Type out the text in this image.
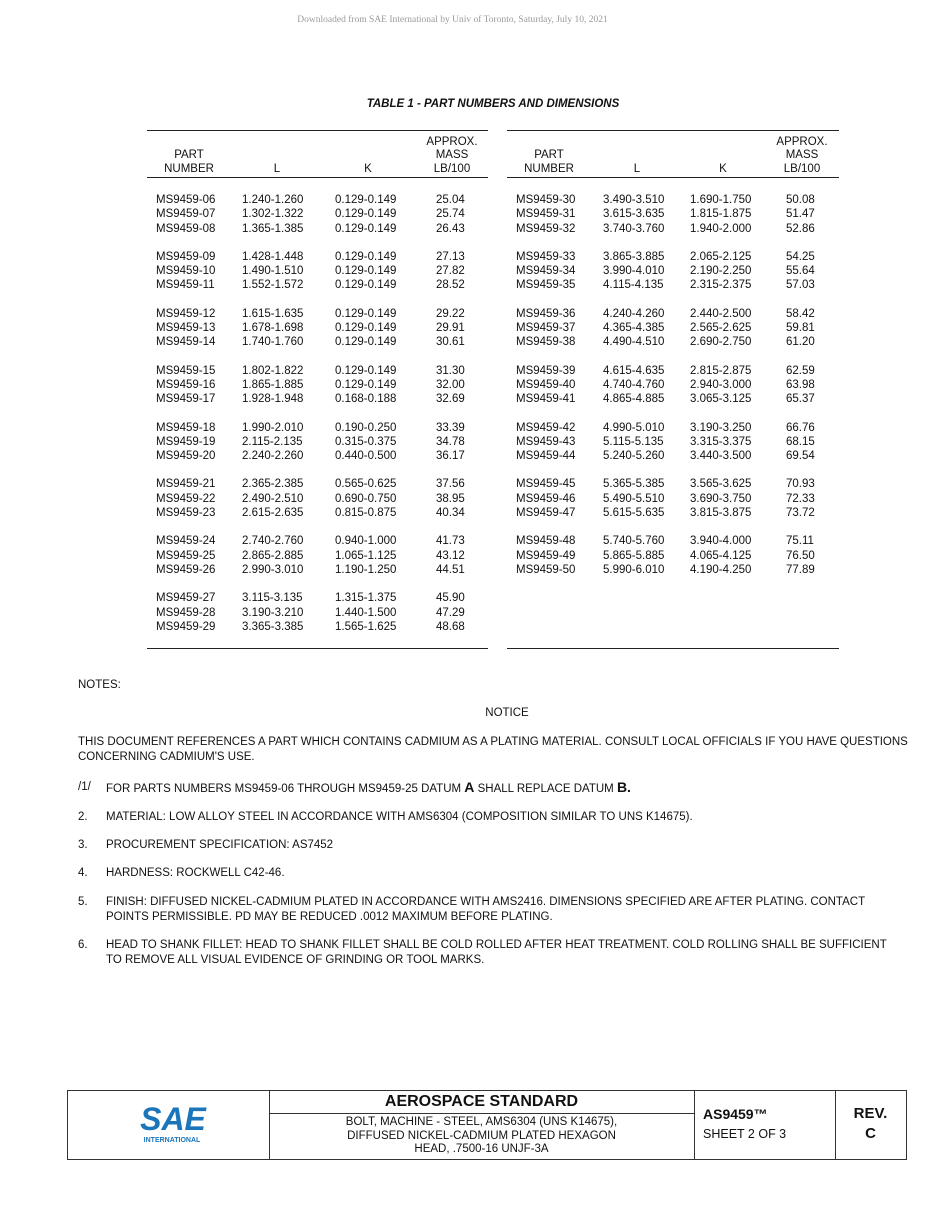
Downloaded from SAE International by Univ of Toronto, Saturday, July 10, 2021
TABLE 1 - PART NUMBERS AND DIMENSIONS
PART
NUMBER	L	K
APPROX.
MASS
LB/100
MS9459-06 1.240-1.260	0.129-0.149	25.04
MS9459-07 1.302-1.322	0.129-0.149	25.74
MS9459-08 1.365-1.385	0.129-0.149	26.43
MS9459-09 1.428-1.448	0.129-0.149	27.13
MS9459-10 1.490-1.510	0.129-0.149	27.82
MS9459-11 1.552-1.572	0.129-0.149	28.52
MS9459-12 1.615-1.635	0.129-0.149	29.22
MS9459-13 1.678-1.698	0.129-0.149	29.91
MS9459-14 1.740-1.760	0.129-0.149	30.61
MS9459-15 1.802-1.822	0.129-0.149	31.30
MS9459-16 1.865-1.885	0.129-0.149	32.00
MS9459-17 1.928-1.948	0.168-0.188	32.69
MS9459-18 1.990-2.010	0.190-0.250	33.39
MS9459-19 2.115-2.135	0.315-0.375	34.78
MS9459-20 2.240-2.260	0.440-0.500	36.17
MS9459-21 2.365-2.385	0.565-0.625	37.56
MS9459-22 2.490-2.510	0.690-0.750	38.95
MS9459-23 2.615-2.635	0.815-0.875	40.34
MS9459-24 2.740-2.760	0.940-1.000	41.73
MS9459-25 2.865-2.885	1.065-1.125	43.12
MS9459-26 2.990-3.010	1.190-1.250	44.51
MS9459-27 3.115-3.135	1.315-1.375	45.90
MS9459-28 3.190-3.210	1.440-1.500	47.29
MS9459-29 3.365-3.385	1.565-1.625	48.68
PART
NUMBER	L	K
APPROX.
MASS
LB/100
MS9459-30 3.490-3.510 1.690-1.750	50.08
MS9459-31 3.615-3.635 1.815-1.875	51.47
MS9459-32 3.740-3.760 1.940-2.000	52.86
MS9459-33 3.865-3.885 2.065-2.125	54.25
MS9459-34 3.990-4.010 2.190-2.250	55.64
MS9459-35 4.115-4.135 2.315-2.375	57.03
MS9459-36 4.240-4.260 2.440-2.500	58.42
MS9459-37 4.365-4.385 2.565-2.625	59.81
MS9459-38 4.490-4.510 2.690-2.750	61.20
MS9459-39 4.615-4.635 2.815-2.875	62.59
MS9459-40 4.740-4.760 2.940-3.000	63.98
MS9459-41 4.865-4.885 3.065-3.125	65.37
MS9459-42 4.990-5.010 3.190-3.250	66.76
MS9459-43 5.115-5.135 3.315-3.375	68.15
MS9459-44 5.240-5.260 3.440-3.500	69.54
MS9459-45 5.365-5.385 3.565-3.625	70.93
MS9459-46 5.490-5.510 3.690-3.750	72.33
MS9459-47 5.615-5.635 3.815-3.875	73.72
MS9459-48 5.740-5.760 3.940-4.000	75.11
MS9459-49 5.865-5.885 4.065-4.125	76.50
MS9459-50 5.990-6.010 4.190-4.250	77.89
NOTES:
NOTICE
THIS DOCUMENT REFERENCES A PART WHICH CONTAINS CADMIUM AS A PLATING MATERIAL. CONSULT LOCAL OFFICIALS IF YOU HAVE QUESTIONS CONCERNING CADMIUM'S USE.
/1/ FOR PARTS NUMBERS MS9459-06 THROUGH MS9459-25 DATUM A SHALL REPLACE DATUM B.
2. MATERIAL: LOW ALLOY STEEL IN ACCORDANCE WITH AMS6304 (COMPOSITION SIMILAR TO UNS K14675).
3. PROCUREMENT SPECIFICATION: AS7452
4. HARDNESS: ROCKWELL C42-46.
5. FINISH: DIFFUSED NICKEL-CADMIUM PLATED IN ACCORDANCE WITH AMS2416. DIMENSIONS SPECIFIED ARE AFTER PLATING. CONTACT POINTS PERMISSIBLE. PD MAY BE REDUCED .0012 MAXIMUM BEFORE PLATING.
6. HEAD TO SHANK FILLET: HEAD TO SHANK FILLET SHALL BE COLD ROLLED AFTER HEAT TREATMENT. COLD ROLLING SHALL BE SUFFICIENT TO REMOVE ALL VISUAL EVIDENCE OF GRINDING OR TOOL MARKS.
SAE
INTERNATIONAL
AEROSPACE STANDARD
BOLT, MACHINE - STEEL, AMS6304 (UNS K14675),
DIFFUSED NICKEL-CADMIUM PLATED HEXAGON
HEAD, .7500-16 UNJF-3A
AS9459™
SHEET 2 OF 3
REV.
C
